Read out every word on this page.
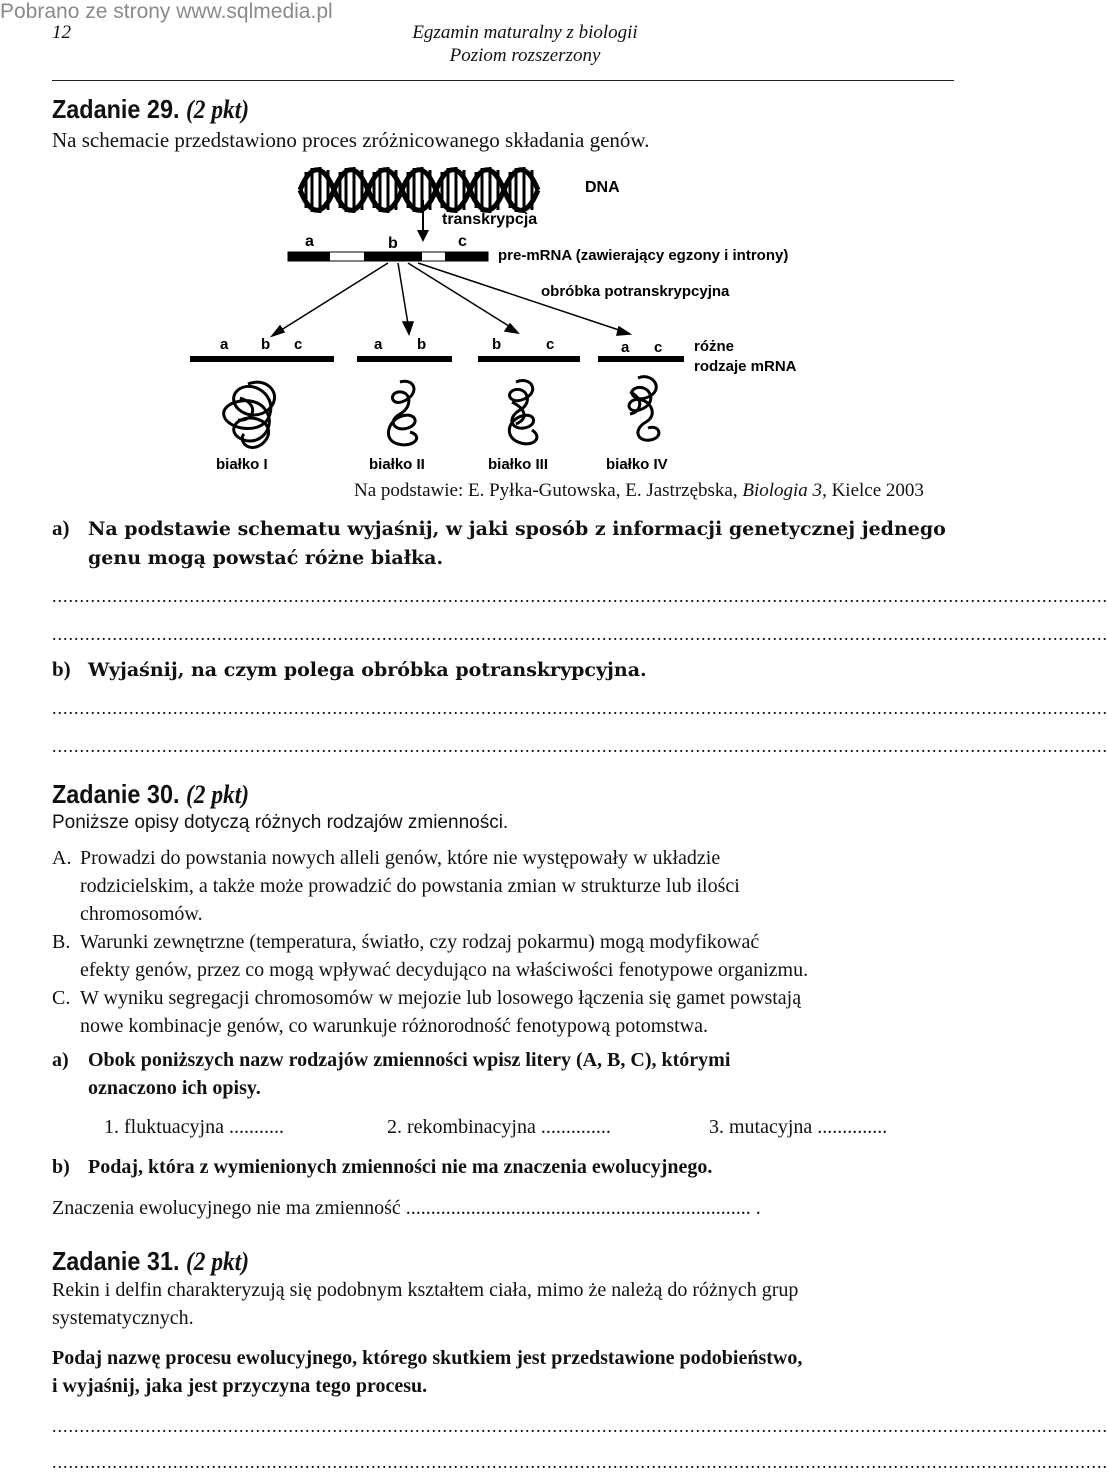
Pobrano ze strony www.sqlmedia.pl
12	Egzamin maturalny z biologii
Poziom rozszerzony
Zadanie 29. (2 pkt)
Na schemacie przedstawiono proces zróżnicowanego składania genów.
DNA
transkrypcja
a	b	c
pre-mRNA (zawierający egzony i introny)
obróbka potranskrypcyjna
a b c	a b	b	c	a c różne
rodzaje mRNA
białko I	białko II	białko III	białko IV
Na podstawie: E. Pyłka-Gutowska, E. Jastrzębska, Biologia 3, Kielce 2003
a) Na podstawie schematu wyjaśnij, w jaki sposób z informacji genetycznej jednego
genu mogą powstać różne białka.
................................................................................................................................................................................................
................................................................................................................................................................................................
b) Wyjaśnij, na czym polega obróbka potranskrypcyjna.
................................................................................................................................................................................................
................................................................................................................................................................................................
Zadanie 30. (2 pkt)
Poniższe opisy dotyczą różnych rodzajów zmienności.
A. Prowadzi do powstania nowych alleli genów, które nie występowały w układzie
rodzicielskim, a także może prowadzić do powstania zmian w strukturze lub ilości
chromosomów.
B. Warunki zewnętrzne (temperatura, światło, czy rodzaj pokarmu) mogą modyfikować
efekty genów, przez co mogą wpływać decydująco na właściwości fenotypowe organizmu.
C. W wyniku segregacji chromosomów w mejozie lub losowego łączenia się gamet powstają
nowe kombinacje genów, co warunkuje różnorodność fenotypową potomstwa.
a) Obok poniższych nazw rodzajów zmienności wpisz litery (A, B, C), którymi
oznaczono ich opisy.
1. fluktuacyjna ...........	2. rekombinacyjna ..............	3. mutacyjna ..............
b) Podaj, która z wymienionych zmienności nie ma znaczenia ewolucyjnego.
Znaczenia ewolucyjnego nie ma zmienność ..................................................................... .
Zadanie 31. (2 pkt)
Rekin i delfin charakteryzują się podobnym kształtem ciała, mimo że należą do różnych grup
systematycznych.
Podaj nazwę procesu ewolucyjnego, którego skutkiem jest przedstawione podobieństwo,
i wyjaśnij, jaka jest przyczyna tego procesu.
................................................................................................................................................................................................
................................................................................................................................................................................................
